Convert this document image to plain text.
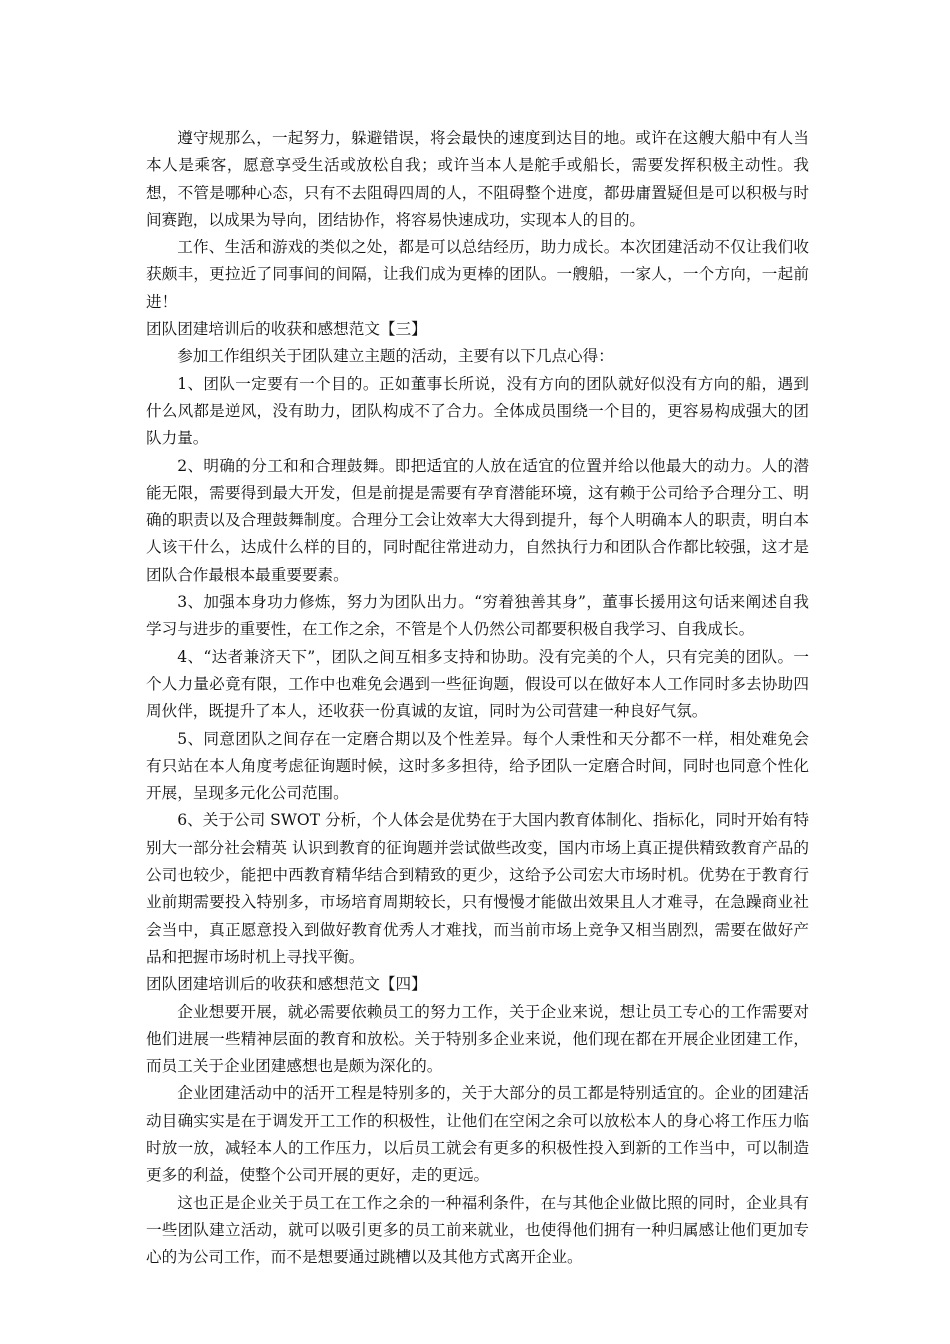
遵守规那么，一起努力，躲避错误，将会最快的速度到达目的地。或许在这艘大船中有人当本人是乘客，愿意享受生活或放松自我；或许当本人是舵手或船长，需要发挥积极主动性。我想，不管是哪种心态，只有不去阻碍四周的人，不阻碍整个进度，都毋庸置疑但是可以积极与时间赛跑，以成果为导向，团结协作，将容易快速成功，实现本人的目的。

工作、生活和游戏的类似之处，都是可以总结经历，助力成长。本次团建活动不仅让我们收获颇丰，更拉近了同事间的间隔，让我们成为更棒的团队。一艘船，一家人，一个方向，一起前进！

团队团建培训后的收获和感想范文【三】

参加工作组织关于团队建立主题的活动，主要有以下几点心得：

1、团队一定要有一个目的。正如董事长所说，没有方向的团队就好似没有方向的船，遇到什么风都是逆风，没有助力，团队构成不了合力。全体成员围绕一个目的，更容易构成强大的团队力量。

2、明确的分工和和合理鼓舞。即把适宜的人放在适宜的位置并给以他最大的动力。人的潜能无限，需要得到最大开发，但是前提是需要有孕育潜能环境，这有赖于公司给予合理分工、明确的职责以及合理鼓舞制度。合理分工会让效率大大得到提升，每个人明确本人的职责，明白本人该干什么，达成什么样的目的，同时配往常进动力，自然执行力和团队合作都比较强，这才是团队合作最根本最重要要素。

3、加强本身功力修炼，努力为团队出力。“穷着独善其身”，董事长援用这句话来阐述自我学习与进步的重要性，在工作之余，不管是个人仍然公司都要积极自我学习、自我成长。

4、“达者兼济天下”，团队之间互相多支持和协助。没有完美的个人，只有完美的团队。一个人力量必竟有限，工作中也难免会遇到一些征询题，假设可以在做好本人工作同时多去协助四周伙伴，既提升了本人，还收获一份真诚的友谊，同时为公司营建一种良好气氛。

5、同意团队之间存在一定磨合期以及个性差异。每个人秉性和天分都不一样，相处难免会有只站在本人角度考虑征询题时候，这时多多担待，给予团队一定磨合时间，同时也同意个性化开展，呈现多元化公司范围。

6、关于公司 SWOT 分析，个人体会是优势在于大国内教育体制化、指标化，同时开始有特别大一部分社会精英 认识到教育的征询题并尝试做些改变，国内市场上真正提供精致教育产品的公司也较少，能把中西教育精华结合到精致的更少，这给予公司宏大市场时机。优势在于教育行业前期需要投入特别多，市场培育周期较长，只有慢慢才能做出效果且人才难寻，在急躁商业社会当中，真正愿意投入到做好教育优秀人才难找，而当前市场上竞争又相当剧烈，需要在做好产品和把握市场时机上寻找平衡。

团队团建培训后的收获和感想范文【四】

企业想要开展，就必需要依赖员工的努力工作，关于企业来说，想让员工专心的工作需要对他们进展一些精神层面的教育和放松。关于特别多企业来说，他们现在都在开展企业团建工作，而员工关于企业团建感想也是颇为深化的。

企业团建活动中的活开工程是特别多的，关于大部分的员工都是特别适宜的。企业的团建活动目确实实是在于调发开工工作的积极性，让他们在空闲之余可以放松本人的身心将工作压力临时放一放，减轻本人的工作压力，以后员工就会有更多的积极性投入到新的工作当中，可以制造更多的利益，使整个公司开展的更好，走的更远。

这也正是企业关于员工在工作之余的一种福利条件，在与其他企业做比照的同时，企业具有一些团队建立活动，就可以吸引更多的员工前来就业，也使得他们拥有一种归属感让他们更加专心的为公司工作，而不是想要通过跳槽以及其他方式离开企业。
